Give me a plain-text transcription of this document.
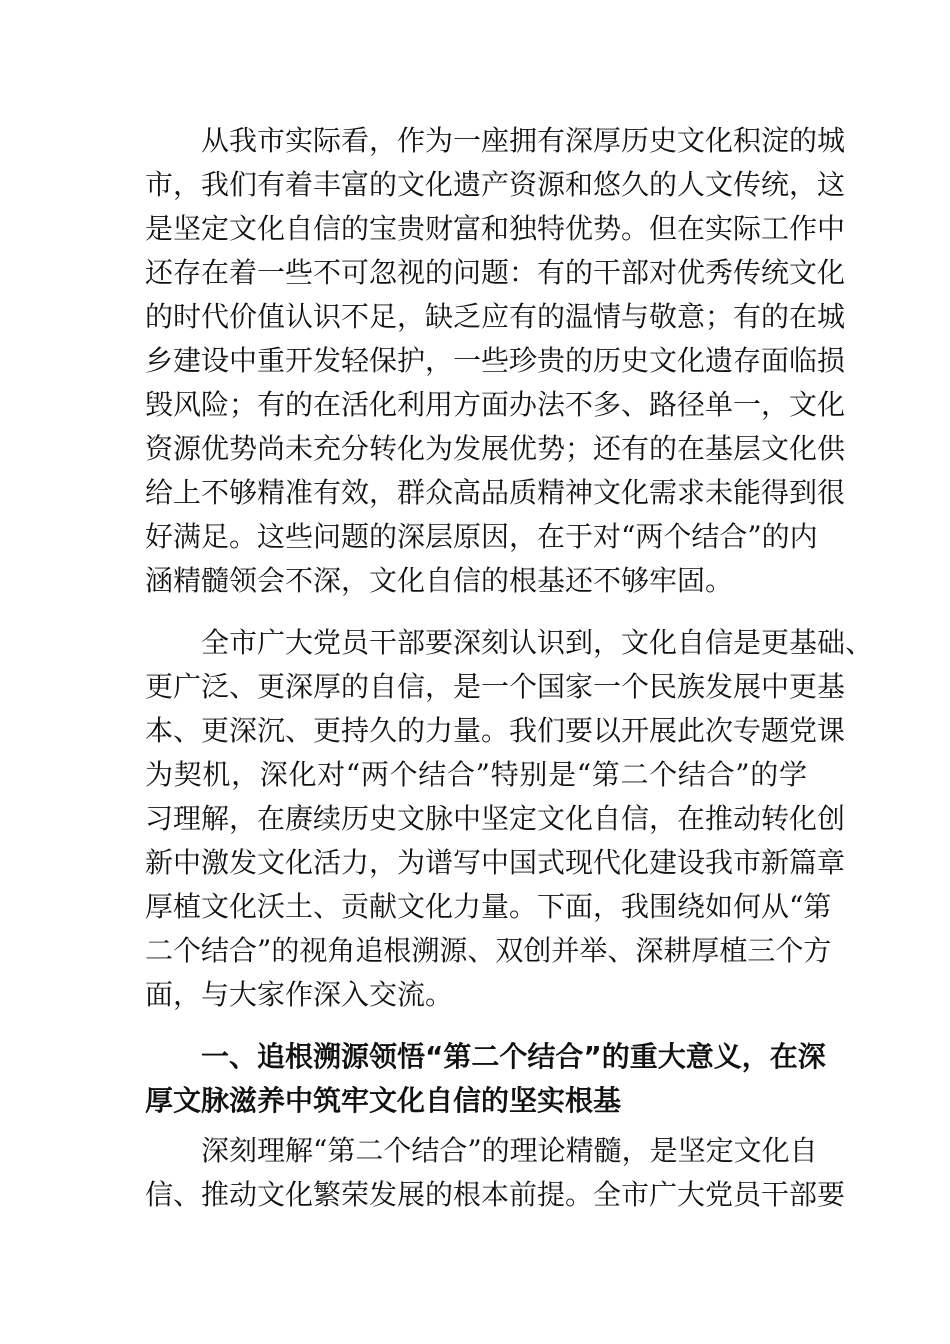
从我市实际看，作为一座拥有深厚历史文化积淀的城
市，我们有着丰富的文化遗产资源和悠久的人文传统，这
是坚定文化自信的宝贵财富和独特优势。但在实际工作中
还存在着一些不可忽视的问题：有的干部对优秀传统文化
的时代价值认识不足，缺乏应有的温情与敬意；有的在城
乡建设中重开发轻保护，一些珍贵的历史文化遗存面临损
毁风险；有的在活化利用方面办法不多、路径单一，文化
资源优势尚未充分转化为发展优势；还有的在基层文化供
给上不够精准有效，群众高品质精神文化需求未能得到很
好满足。这些问题的深层原因，在于对“两个结合”的内
涵精髓领会不深，文化自信的根基还不够牢固。
全市广大党员干部要深刻认识到，文化自信是更基础、
更广泛、更深厚的自信，是一个国家一个民族发展中更基
本、更深沉、更持久的力量。我们要以开展此次专题党课
为契机，深化对“两个结合”特别是“第二个结合”的学
习理解，在赓续历史文脉中坚定文化自信，在推动转化创
新中激发文化活力，为谱写中国式现代化建设我市新篇章
厚植文化沃土、贡献文化力量。下面，我围绕如何从“第
二个结合”的视角追根溯源、双创并举、深耕厚植三个方
面，与大家作深入交流。
一、追根溯源领悟“第二个结合”的重大意义，在深
厚文脉滋养中筑牢文化自信的坚实根基
深刻理解“第二个结合”的理论精髓，是坚定文化自
信、推动文化繁荣发展的根本前提。全市广大党员干部要
